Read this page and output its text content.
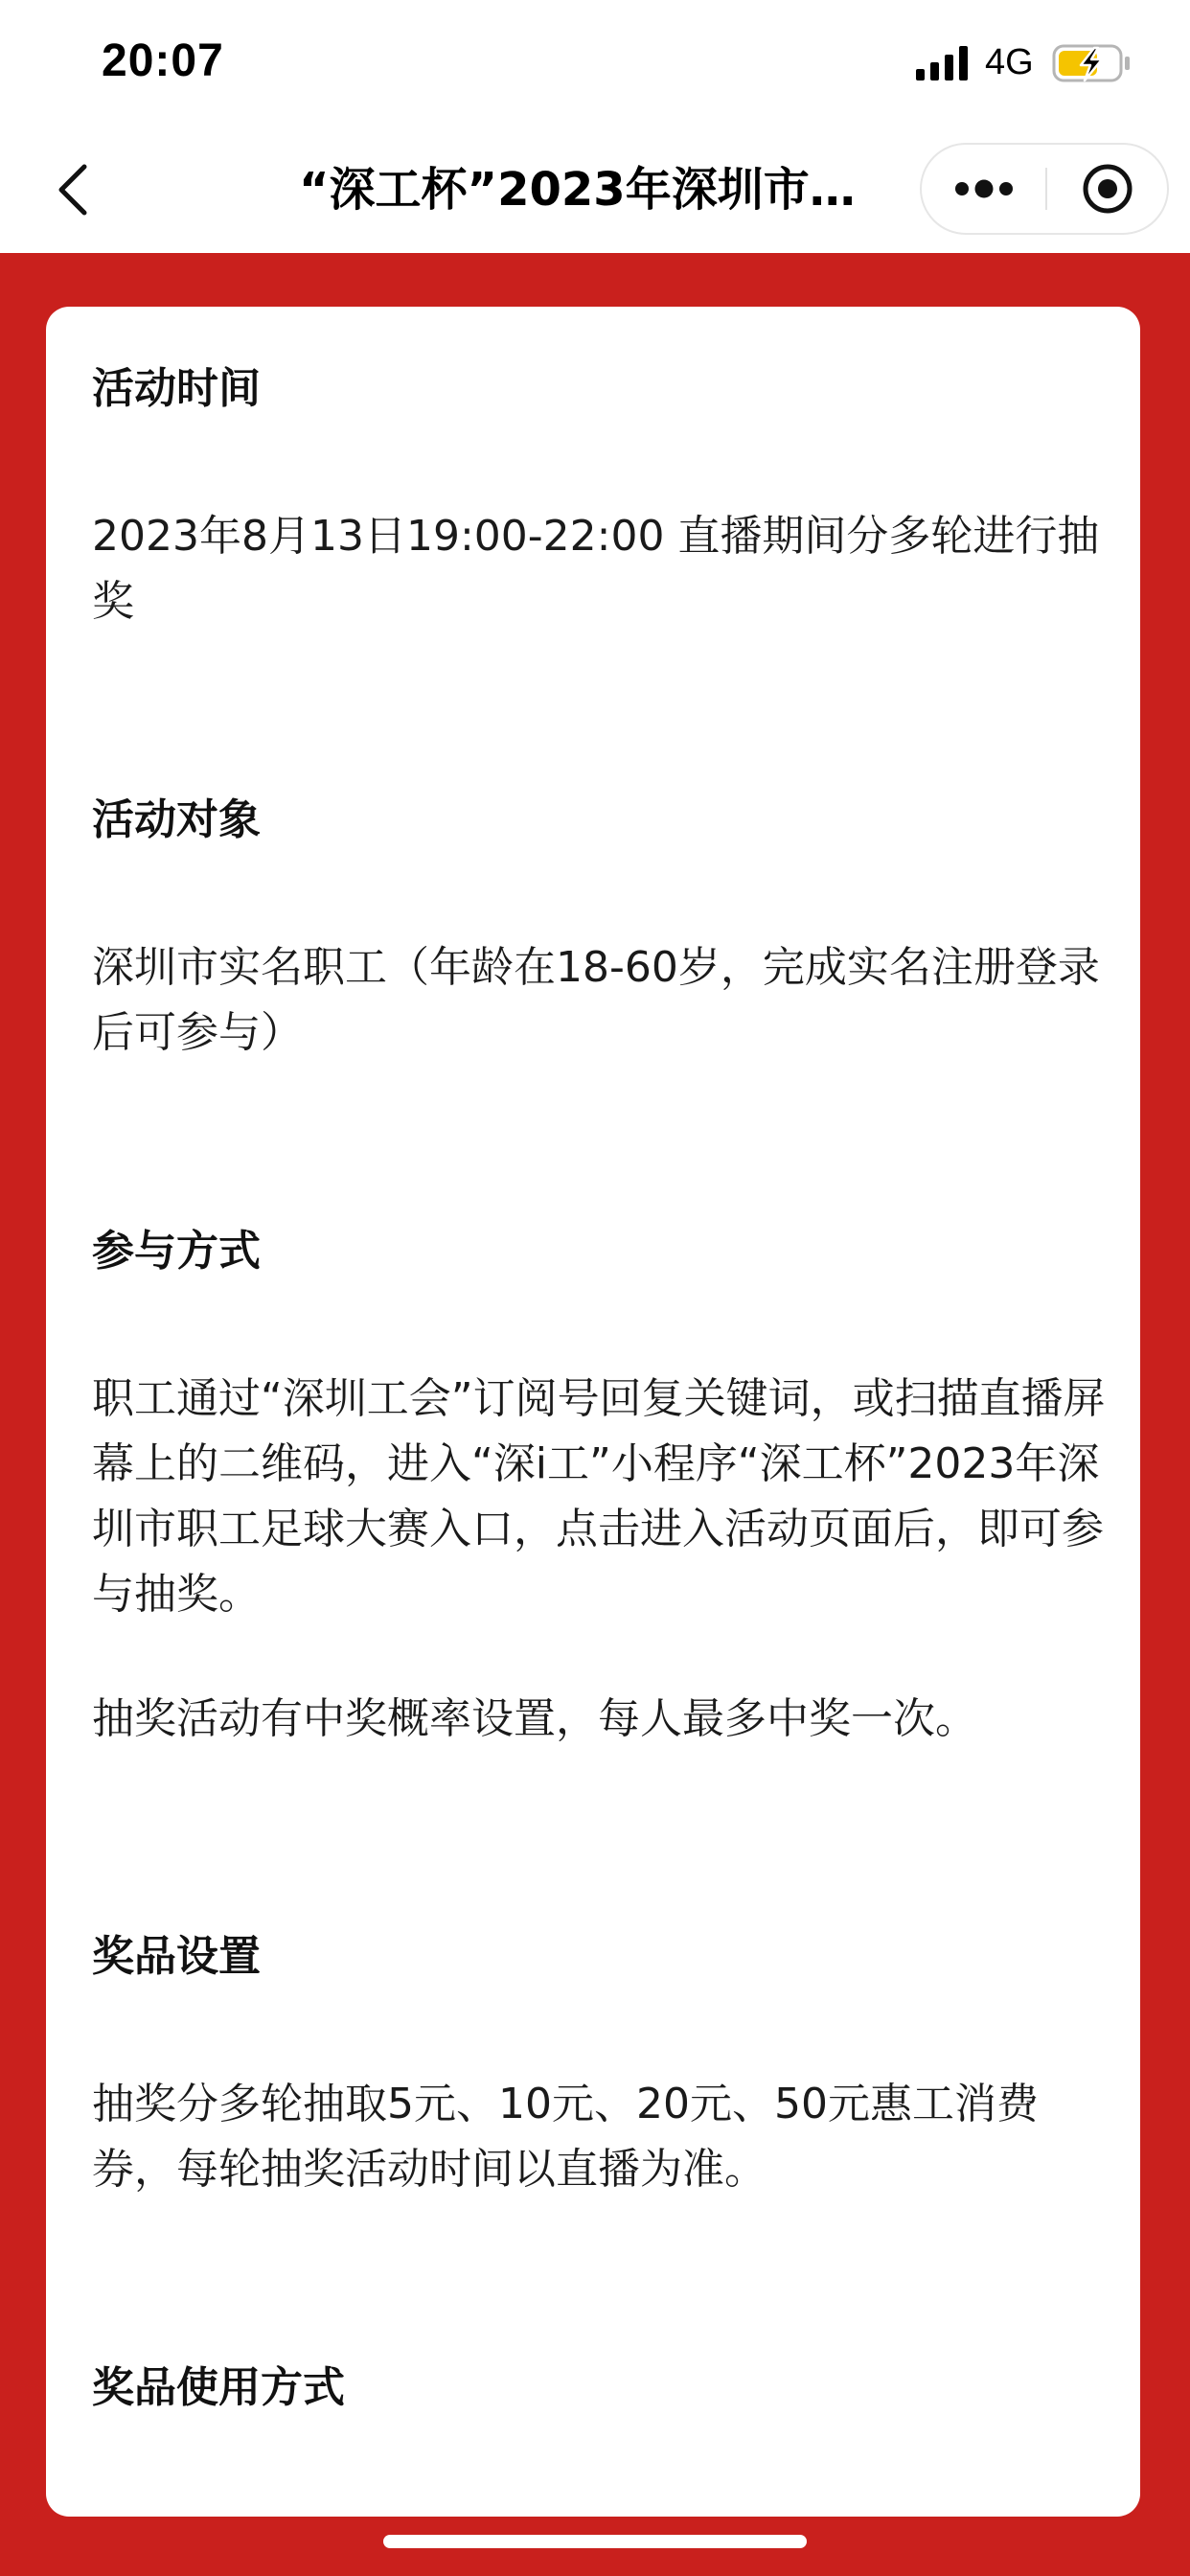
20:07	4G
“深工杯”2023年深圳市…
活动时间

2023年8月13日19:00-22:00 直播期间分多轮进行抽奖

活动对象

深圳市实名职工（年龄在18-60岁，完成实名注册登录后可参与）

参与方式

职工通过“深圳工会”订阅号回复关键词，或扫描直播屏幕上的二维码，进入“深i工”小程序“深工杯”2023年深圳市职工足球大赛入口，点击进入活动页面后，即可参与抽奖。

抽奖活动有中奖概率设置，每人最多中奖一次。

奖品设置

抽奖分多轮抽取5元、10元、20元、50元惠工消费券，每轮抽奖活动时间以直播为准。

奖品使用方式
